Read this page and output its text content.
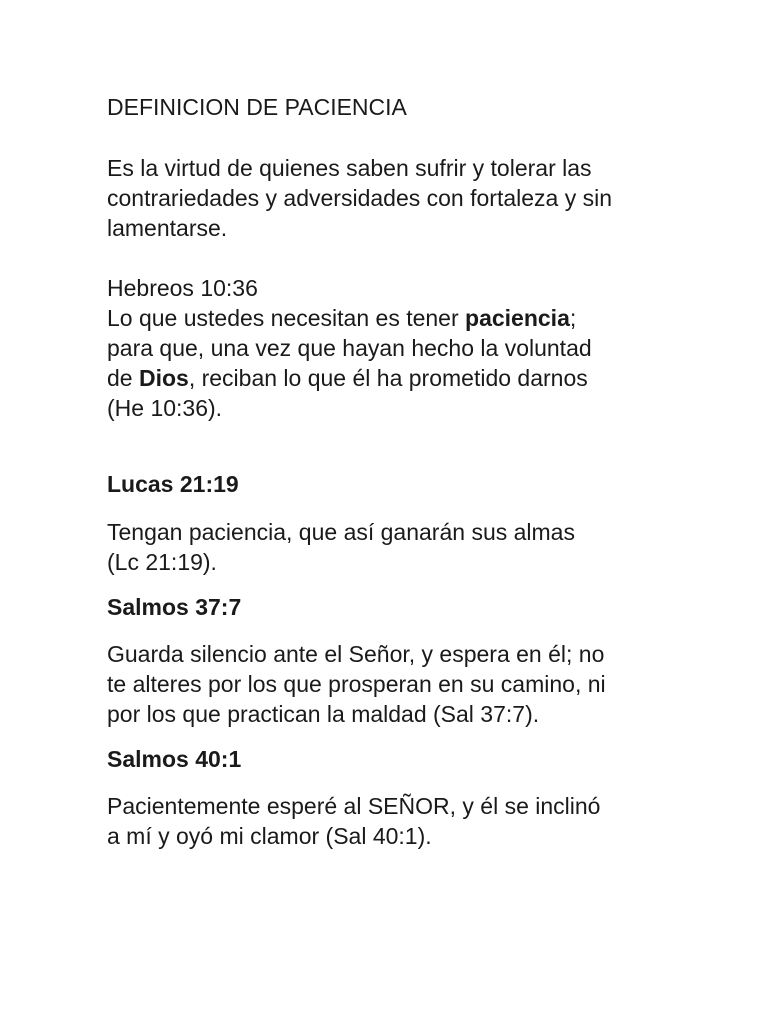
DEFINICION DE PACIENCIA

Es la virtud de quienes saben sufrir y tolerar las
contrariedades y adversidades con fortaleza y sin
lamentarse.

Hebreos 10:36

Lo que ustedes necesitan es tener paciencia;
para que, una vez que hayan hecho la voluntad
de Dios, reciban lo que él ha prometido darnos
(He 10:36).

Lucas 21:19

Tengan paciencia, que así ganarán sus almas
(Lc 21:19).

Salmos 37:7

Guarda silencio ante el Señor, y espera en él; no
te alteres por los que prosperan en su camino, ni
por los que practican la maldad (Sal 37:7).

Salmos 40:1

Pacientemente esperé al SEÑOR, y él se inclinó
a mí y oyó mi clamor (Sal 40:1).
